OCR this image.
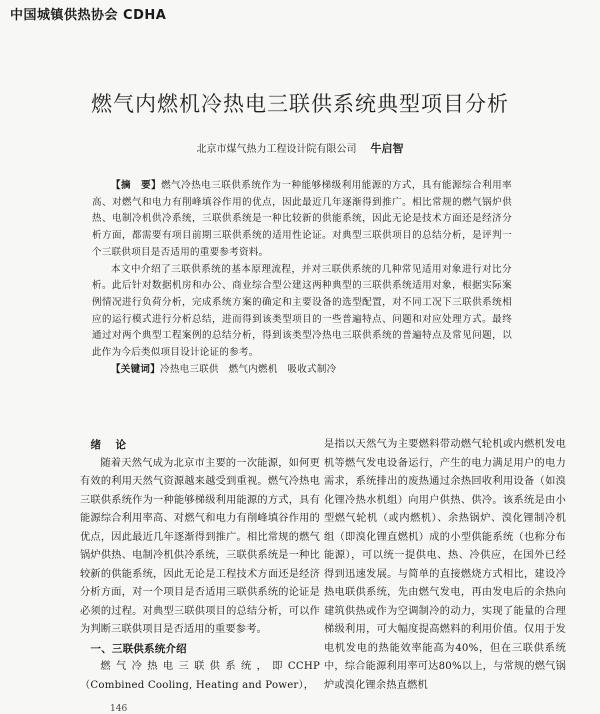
中国城镇供热协会 CDHA
燃气内燃机冷热电三联供系统典型项目分析
北京市煤气热力工程设计院有限公司 牛启智

【摘　要】燃气冷热电三联供系统作为一种能够梯级利用能源的方式，具有能源综合利用率高、对燃气和电力有削峰填谷作用的优点，因此最近几年逐渐得到推广。相比常规的燃气锅炉供热、电制冷机供冷系统，三联供系统是一种比较新的供能系统，因此无论是技术方面还是经济分析方面，都需要有项目前期三联供系统的适用性论证。对典型三联供项目的总结分析，是评判一个三联供项目是否适用的重要参考资料。

本文中介绍了三联供系统的基本原理流程，并对三联供系统的几种常见适用对象进行对比分析。此后针对数据机房和办公、商业综合型公建这两种典型的三联供系统适用对象，根据实际案例情况进行负荷分析，完成系统方案的确定和主要设备的选型配置，对不同工况下三联供系统相应的运行模式进行分析总结，进而得到该类型项目的一些普遍特点、问题和对应处理方式。最终通过对两个典型工程案例的总结分析，得到该类型冷热电三联供系统的普遍特点及常见问题，以此作为今后类似项目设计论证的参考。

【关键词】冷热电三联供　燃气内燃机　吸收式制冷

绪　论

随着天然气成为北京市主要的一次能源，如何更有效的利用天然气资源越来越受到重视。燃气冷热电三联供系统作为一种能够梯级利用能源的方式，具有能源综合利用率高、对燃气和电力有削峰填谷作用的优点，因此最近几年逐渐得到推广。相比常规的燃气锅炉供热、电制冷机供冷系统，三联供系统是一种比较新的供能系统，因此无论是工程技术方面还是经济分析方面，对一个项目是否适用三联供系统的论证是必须的过程。对典型三联供项目的总结分析，可以作为判断三联供项目是否适用的重要参考。

一、三联供系统介绍

燃气冷热电三联供系统，即CCHP（Combined Cooling, Heating and Power），

是指以天然气为主要燃料带动燃气轮机或内燃机发电机等燃气发电设备运行，产生的电力满足用户的电力需求，系统排出的废热通过余热回收利用设备（如溴化锂冷热水机组）向用户供热、供冷。该系统是由小型燃气轮机（或内燃机）、余热锅炉、溴化锂制冷机组（即溴化锂直燃机）成的小型供能系统（也称分布能源），可以统一提供电、热、冷供应，在国外已经得到迅速发展。与简单的直接燃烧方式相比，建设冷热电联供系统，先由燃气发电，再由发电后的余热向建筑供热或作为空调制冷的动力，实现了能量的合理梯级利用，可大幅度提高燃料的利用价值。仅用于发电机发电的热能效率能高为40%，但在三联供系统中，综合能源利用率可达80%以上，与常规的燃气锅炉或溴化锂余热直燃机

146
